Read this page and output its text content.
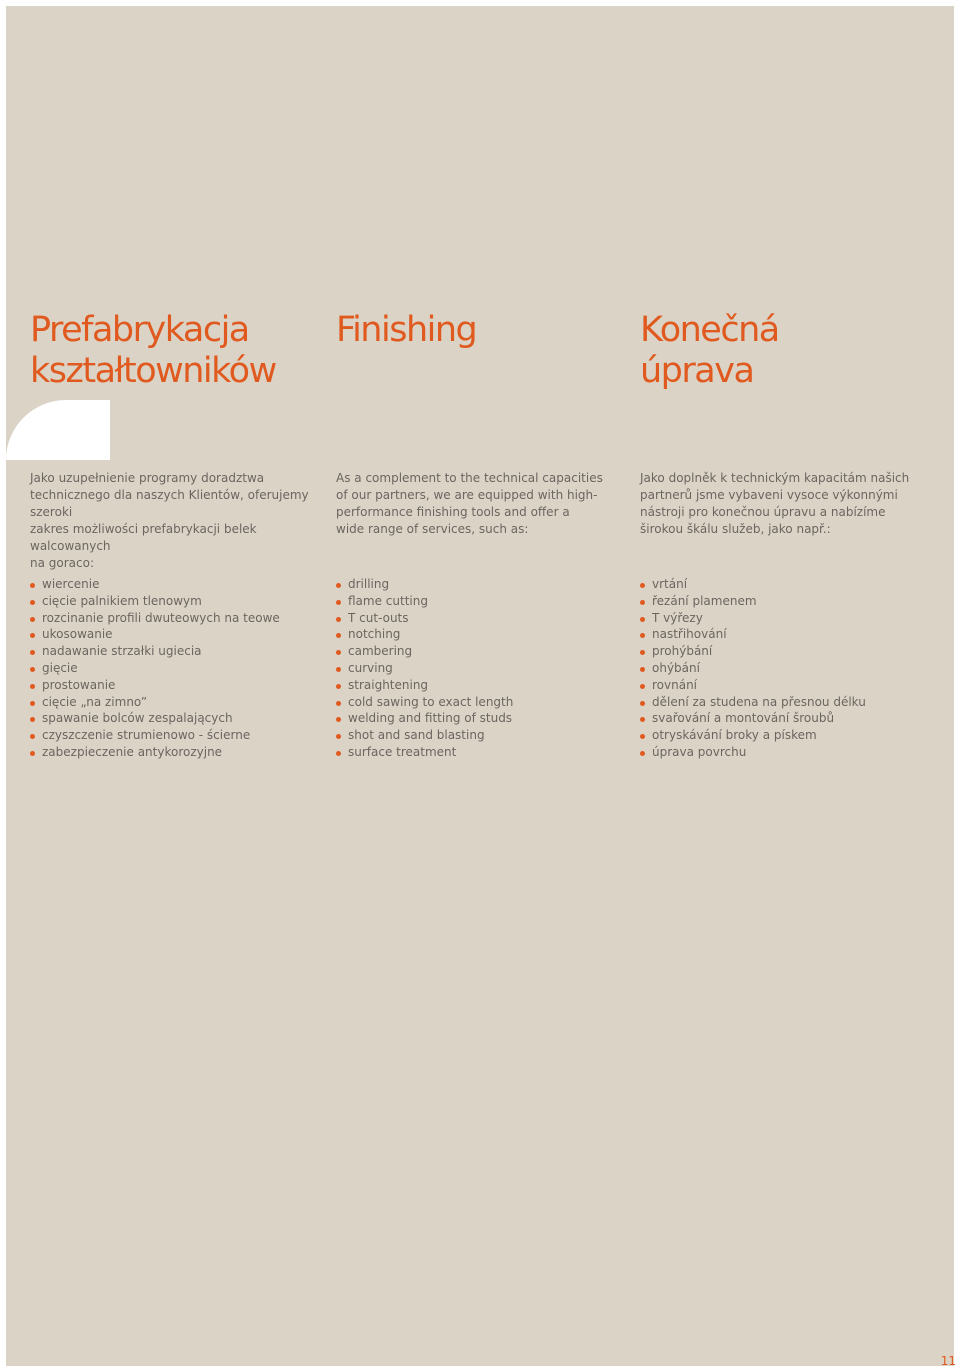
Prefabrykacja
kształtowników

Jako uzupełnienie programy doradztwa
technicznego dla naszych Klientów, oferujemy szeroki
zakres możliwości prefabrykacji belek walcowanych
na goraco:

wiercenie
cięcie palnikiem tlenowym
rozcinanie profili dwuteowych na teowe
ukosowanie
nadawanie strzałki ugiecia
gięcie
prostowanie
cięcie „na zimno”
spawanie bolców zespalających
czyszczenie strumienowo - ścierne
zabezpieczenie antykorozyjne
Finishing

As a complement to the technical capacities
of our partners, we are equipped with high-
performance finishing tools and offer a
wide range of services, such as:

drilling
flame cutting
T cut-outs
notching
cambering
curving
straightening
cold sawing to exact length
welding and fitting of studs
shot and sand blasting
surface treatment
Konečná
úprava

Jako doplněk k technickým kapacitám našich
partnerů jsme vybaveni vysoce výkonnými
nástroji pro konečnou úpravu a nabízíme
širokou škálu služeb, jako např.:

vrtání
řezání plamenem
T výřezy
nastřihování
prohýbání
ohýbání
rovnání
dělení za studena na přesnou délku
svařování a montování šroubů
otryskávání broky a pískem
úprava povrchu
11
